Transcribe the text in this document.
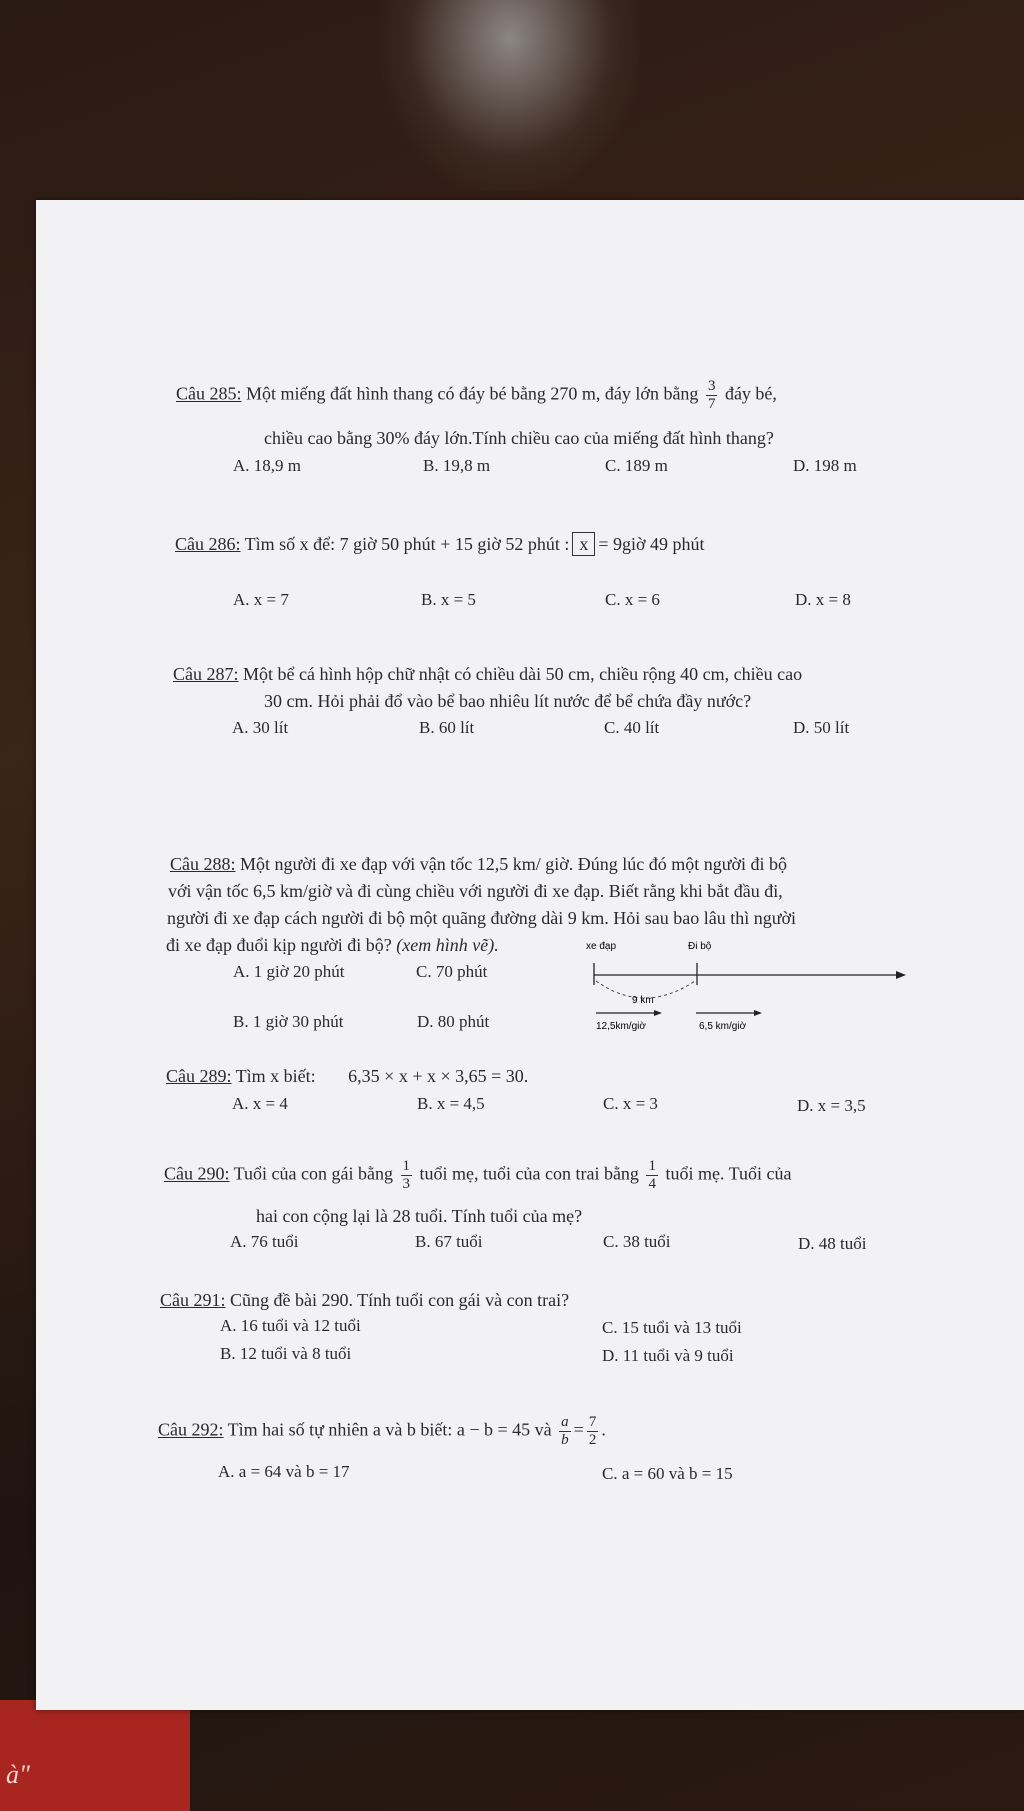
à"
Câu 285: Một miếng đất hình thang có đáy bé bằng 270 m, đáy lớn bằng $\frac{3}{7}$ đáy bé,
chiều cao bằng 30% đáy lớn.Tính chiều cao của miếng đất hình thang?
A. 18,9 m	B. 19,8 m	C. 189 m	D. 198 m
Câu 286: Tìm số x để: 7 giờ 50 phút + 15 giờ 52 phút : x = 9giờ 49 phút
A. x = 7	B. x = 5	C. x = 6	D. x = 8
Câu 287: Một bể cá hình hộp chữ nhật có chiều dài 50 cm, chiều rộng 40 cm, chiều cao
30 cm. Hỏi phải đổ vào bể bao nhiêu lít nước để bể chứa đầy nước?
A. 30 lít	B. 60 lít	C. 40 lít	D. 50 lít
Câu 288: Một người đi xe đạp với vận tốc 12,5 km/ giờ. Đúng lúc đó một người đi bộ
với vận tốc 6,5 km/giờ và đi cùng chiều với người đi xe đạp. Biết rằng khi bắt đầu đi,
người đi xe đạp cách người đi bộ một quãng đường dài 9 km. Hỏi sau bao lâu thì người
đi xe đạp đuổi kịp người đi bộ? (xem hình vẽ).
A. 1 giờ 20 phút	C. 70 phút
B. 1 giờ 30 phút	D. 80 phút
xe đạp	Đi bộ
9 km
12,5km/giờ	6,5 km/giờ
Câu 289: Tìm x biết: 6,35 × x + x × 3,65 = 30.
A. x = 4	B. x = 4,5	C. x = 3	D. x = 3,5
Câu 290: Tuổi của con gái bằng $\frac{1}{3}$ tuổi mẹ, tuổi của con trai bằng $\frac{1}{4}$ tuổi mẹ. Tuổi của
hai con cộng lại là 28 tuổi. Tính tuổi của mẹ?
A. 76 tuổi	B. 67 tuổi	C. 38 tuổi	D. 48 tuổi
Câu 291: Cũng đề bài 290. Tính tuổi con gái và con trai?
A. 16 tuổi và 12 tuổi	C. 15 tuổi và 13 tuổi
B. 12 tuổi và 8 tuổi	D. 11 tuổi và 9 tuổi
Câu 292: Tìm hai số tự nhiên a và b biết: a − b = 45 và $\frac{a}{b} = \frac{7}{2}$ .
A. a = 64 và b = 17	C. a = 60 và b = 15
